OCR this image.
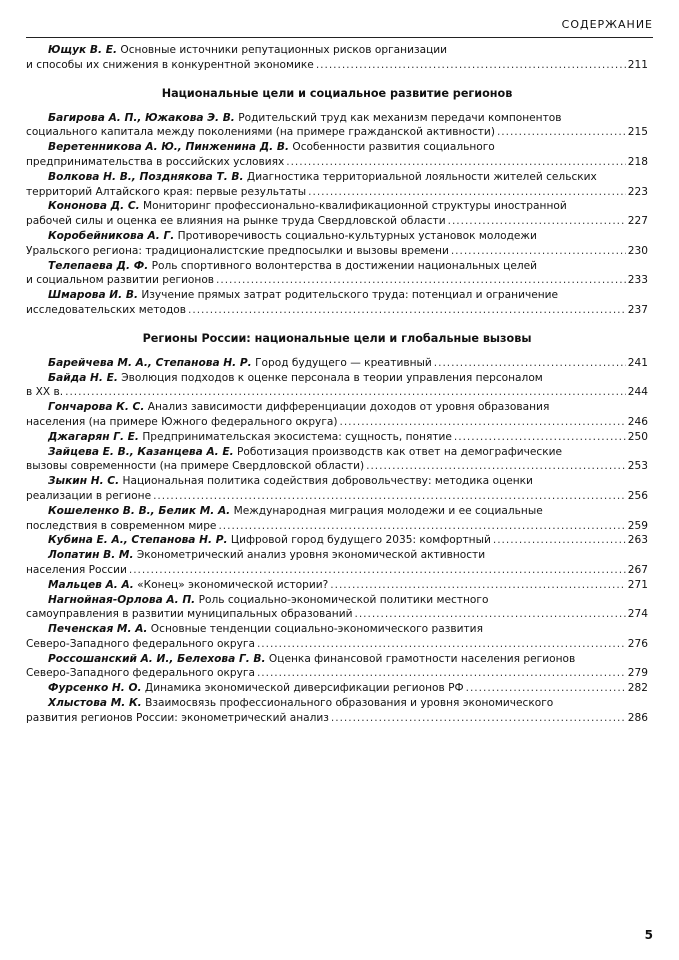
СОДЕРЖАНИЕ
Ющук В. Е. Основные источники репутационных рисков организации
и способы их снижения в конкурентной экономике . . .	211
Национальные цели и социальное развитие регионов
Багирова А. П., Южакова Э. В. Родительский труд как механизм передачи компонентов
социального капитала между поколениями (на примере гражданской активности) . . .	215
Веретенникова А. Ю., Пинженина Д. В. Особенности развития социального
предпринимательства в российских условиях . . .	218
Волкова Н. В., Позднякова Т. В. Диагностика территориальной лояльности жителей сельских
территорий Алтайского края: первые результаты . . .	223
Кононова Д. С. Мониторинг профессионально-квалификационной структуры иностранной
рабочей силы и оценка ее влияния на рынке труда Свердловской области . . .	227
Коробейникова А. Г. Противоречивость социально-культурных установок молодежи
Уральского региона: традиционалистские предпосылки и вызовы времени . . .	230
Телепаева Д. Ф. Роль спортивного волонтерства в достижении национальных целей
и социальном развитии регионов . . .	233
Шмарова И. В. Изучение прямых затрат родительского труда: потенциал и ограничение
исследовательских методов . . .	237
Регионы России: национальные цели и глобальные вызовы
Барейчева М. А., Степанова Н. Р. Город будущего — креативный . . .	241
Байда Н. Е. Эволюция подходов к оценке персонала в теории управления персоналом
в XX в. . . .	244
Гончарова К. С. Анализ зависимости дифференциации доходов от уровня образования
населения (на примере Южного федерального округа) . . .	246
Джагарян Г. Е. Предпринимательская экосистема: сущность, понятие . . .	250
Зайцева Е. В., Казанцева А. Е. Роботизация производств как ответ на демографические
вызовы современности (на примере Свердловской области) . . .	253
Зыкин Н. С. Национальная политика содействия добровольчеству: методика оценки
реализации в регионе . . .	256
Кошеленко В. В., Белик М. А. Международная миграция молодежи и ее социальные
последствия в современном мире . . .	259
Кубина Е. А., Степанова Н. Р. Цифровой город будущего 2035: комфортный . . .	263
Лопатин В. М. Эконометрический анализ уровня экономической активности
населения России . . .	267
Мальцев А. А. «Конец» экономической истории? . . .	271
Нагнойная-Орлова А. П. Роль социально-экономической политики местного
самоуправления в развитии муниципальных образований . . .	274
Печенская М. А. Основные тенденции социально-экономического развития
Северо-Западного федерального округа . . .	276
Россошанский А. И., Белехова Г. В. Оценка финансовой грамотности населения регионов
Северо-Западного федерального округа . . .	279
Фурсенко Н. О. Динамика экономической диверсификации регионов РФ . . .	282
Хлыстова М. К. Взаимосвязь профессионального образования и уровня экономического
развития регионов России: эконометрический анализ . . .	286
5
